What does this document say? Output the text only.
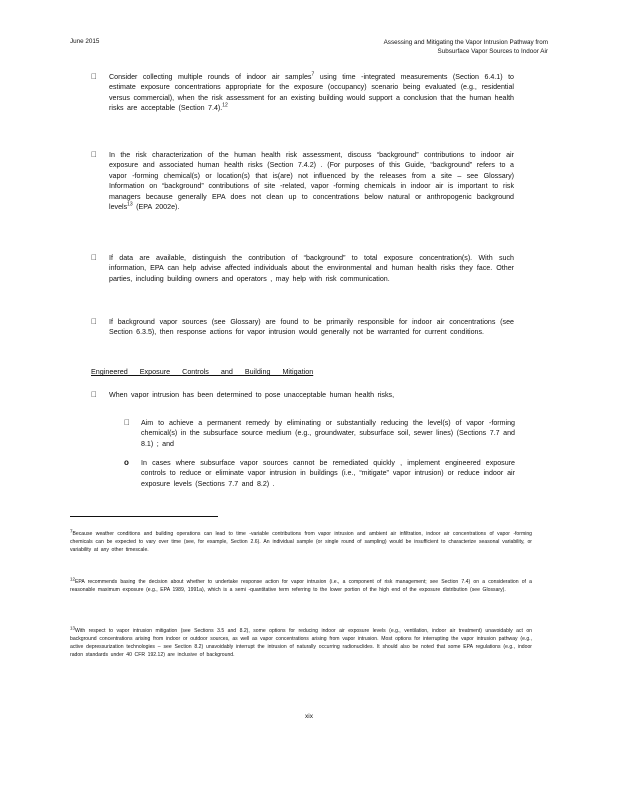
June 2015	Assessing and Mitigating the Vapor Intrusion Pathway from
Subsurface Vapor Sources to Indoor Air
Consider collecting multiple rounds of indoor air samples$^7$ using time -integrated measurements (Section 6.4.1) to estimate exposure concentrations appropriate for the exposure (occupancy) scenario being evaluated (e.g., residential versus commercial), when the risk assessment for an existing building would support a conclusion that the human health risks are acceptable (Section 7.4).$^{12}$
In the risk characterization of the human health risk assessment, discuss “background” contributions to indoor air exposure and associated human health risks (Section 7.4.2) . (For purposes of this Guide, “background” refers to a vapor -forming chemical(s) or location(s) that is(are) not influenced by the releases from a site – see Glossary) Information on “background” contributions of site -related, vapor -forming chemicals in indoor air is important to risk managers because generally EPA does not clean up to concentrations below natural or anthropogenic background levels$^{13}$ (EPA 2002e).
If data are available, distinguish the contribution of “background” to total exposure concentration(s). With such information, EPA can help advise affected individuals about the environmental and human health risks they face. Other parties, including building owners and operators , may help with risk communication.
If background vapor sources (see Glossary) are found to be primarily responsible for indoor air concentrations (see Section 6.3.5), then response actions for vapor intrusion would generally not be warranted for current conditions.
Engineered Exposure Controls and Building Mitigation
When vapor intrusion has been determined to pose unacceptable human health risks,
Aim to achieve a permanent remedy by eliminating or substantially reducing the level(s) of vapor -forming chemical(s) in the subsurface source medium (e.g., groundwater, subsurface soil, sewer lines) (Sections 7.7 and 8.1) ; and
o In cases where subsurface vapor sources cannot be remediated quickly , implement engineered exposure controls to reduce or eliminate vapor intrusion in buildings (i.e., “mitigate” vapor intrusion) or reduce indoor air exposure levels (Sections 7.7 and 8.2) .
7Because weather conditions and building operations can lead to time -variable contributions from vapor intrusion and ambient air infiltration, indoor air concentrations of vapor -forming chemicals can be expected to vary over time (see, for example, Section 2.6). An individual sample (or single round of sampling) would be insufficient to characterize seasonal variability, or variability at any other timescale.
12EPA recommends basing the decision about whether to undertake response action for vapor intrusion (i.e., a component of risk management; see Section 7.4) on a consideration of a reasonable maximum exposure (e.g., EPA 1989, 1991a), which is a semi -quantitative term referring to the lower portion of the high end of the exposure distribution (see Glossary).
13With respect to vapor intrusion mitigation (see Sections 3.5 and 8.2), some options for reducing indoor air exposure levels (e.g., ventilation, indoor air treatment) unavoidably act on background concentrations arising from indoor or outdoor sources, as well as vapor concentrations arising from vapor intrusion. Most options for interrupting the vapor intrusion pathway (e.g., active depressurization technologies – see Section 8.2) unavoidably interrupt the intrusion of naturally occurring radionuclides. It should also be noted that some EPA regulations (e.g., indoor radon standards under 40 CFR 192.12) are inclusive of background.
xix
